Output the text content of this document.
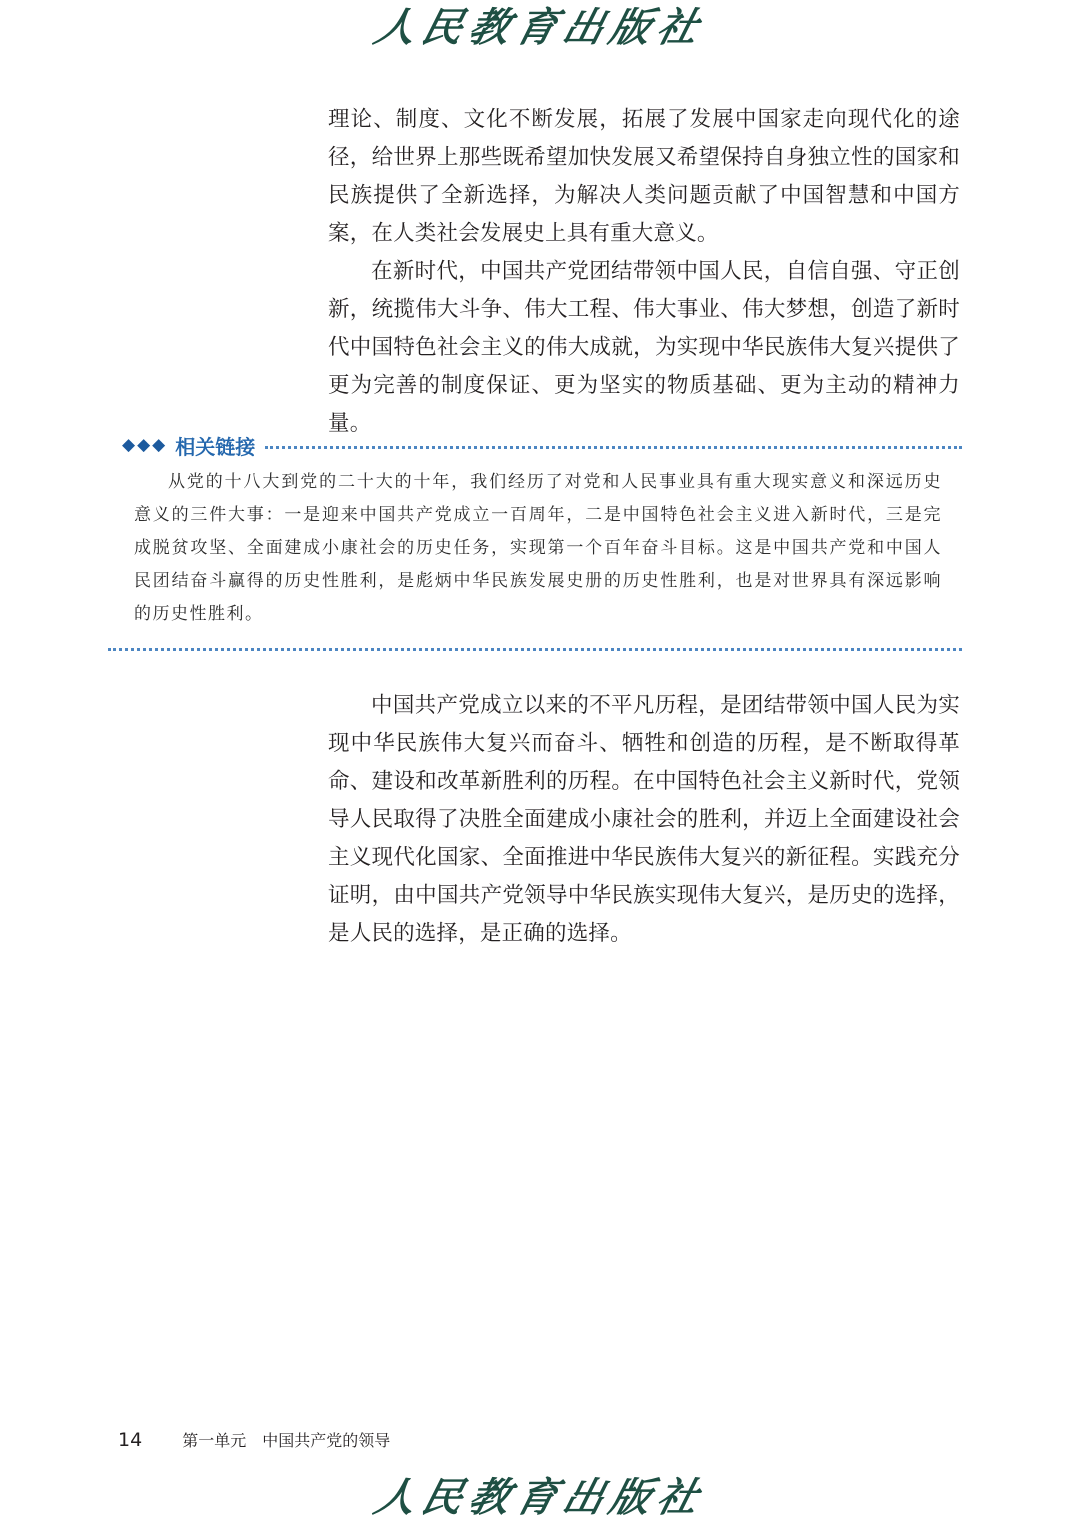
人民教育出版社

理论、制度、文化不断发展，拓展了发展中国家走向现代化的途径，给世界上那些既希望加快发展又希望保持自身独立性的国家和民族提供了全新选择，为解决人类问题贡献了中国智慧和中国方案，在人类社会发展史上具有重大意义。

在新时代，中国共产党团结带领中国人民，自信自强、守正创新，统揽伟大斗争、伟大工程、伟大事业、伟大梦想，创造了新时代中国特色社会主义的伟大成就，为实现中华民族伟大复兴提供了更为完善的制度保证、更为坚实的物质基础、更为主动的精神力量。

◆◆◆ 相关链接

从党的十八大到党的二十大的十年，我们经历了对党和人民事业具有重大现实意义和深远历史意义的三件大事：一是迎来中国共产党成立一百周年，二是中国特色社会主义进入新时代，三是完成脱贫攻坚、全面建成小康社会的历史任务，实现第一个百年奋斗目标。这是中国共产党和中国人民团结奋斗赢得的历史性胜利，是彪炳中华民族发展史册的历史性胜利，也是对世界具有深远影响的历史性胜利。

中国共产党成立以来的不平凡历程，是团结带领中国人民为实现中华民族伟大复兴而奋斗、牺牲和创造的历程，是不断取得革命、建设和改革新胜利的历程。在中国特色社会主义新时代，党领导人民取得了决胜全面建成小康社会的胜利，并迈上全面建设社会主义现代化国家、全面推进中华民族伟大复兴的新征程。实践充分证明，由中国共产党领导中华民族实现伟大复兴，是历史的选择，是人民的选择，是正确的选择。

14	第一单元 中国共产党的领导
人民教育出版社
